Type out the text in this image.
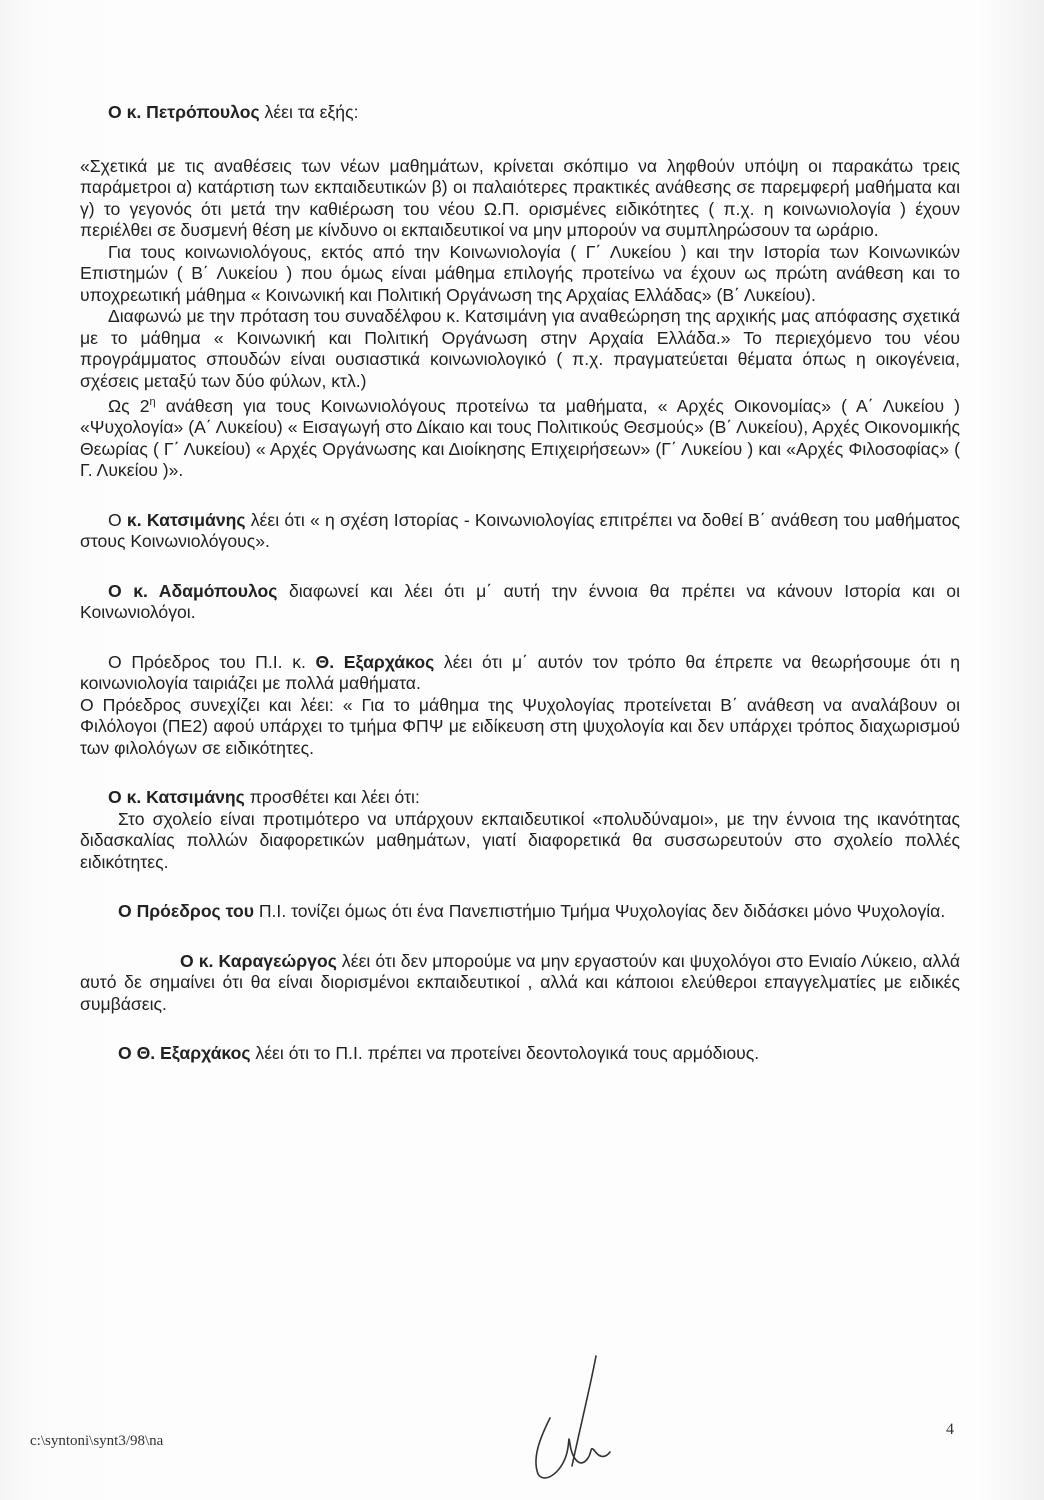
Ο κ. Πετρόπουλος λέει τα εξής:

«Σχετικά με τις αναθέσεις των νέων μαθημάτων, κρίνεται σκόπιμο να ληφθούν υπόψη οι παρακάτω τρεις παράμετροι α) κατάρτιση των εκπαιδευτικών β) οι παλαιότερες πρακτικές ανάθεσης σε παρεμφερή μαθήματα και γ) το γεγονός ότι μετά την καθιέρωση του νέου Ω.Π. ορισμένες ειδικότητες ( π.χ. η κοινωνιολογία ) έχουν περιέλθει σε δυσμενή θέση με κίνδυνο οι εκπαιδευτικοί να μην μπορούν να συμπληρώσουν τα ωράριο.

Για τους κοινωνιολόγους, εκτός από την Κοινωνιολογία ( Γ΄ Λυκείου ) και την Ιστορία των Κοινωνικών Επιστημών ( Β΄ Λυκείου ) που όμως είναι μάθημα επιλογής προτείνω να έχουν ως πρώτη ανάθεση και το υποχρεωτική μάθημα « Κοινωνική και Πολιτική Οργάνωση της Αρχαίας Ελλάδας» (Β΄ Λυκείου).

Διαφωνώ με την πρόταση του συναδέλφου κ. Κατσιμάνη για αναθεώρηση της αρχικής μας απόφασης σχετικά με το μάθημα « Κοινωνική και Πολιτική Οργάνωση στην Αρχαία Ελλάδα.» Το περιεχόμενο του νέου προγράμματος σπουδών είναι ουσιαστικά κοινωνιολογικό ( π.χ. πραγματεύεται θέματα όπως η οικογένεια, σχέσεις μεταξύ των δύο φύλων, κτλ.)

Ως $2^\eta$ ανάθεση για τους Κοινωνιολόγους προτείνω τα μαθήματα, « Αρχές Οικονομίας» ( Α΄ Λυκείου ) «Ψυχολογία» (Α΄ Λυκείου) « Εισαγωγή στο Δίκαιο και τους Πολιτικούς Θεσμούς» (Β΄ Λυκείου), Αρχές Οικονομικής Θεωρίας ( Γ΄ Λυκείου) « Αρχές Οργάνωσης και Διοίκησης Επιχειρήσεων» (Γ΄ Λυκείου ) και «Αρχές Φιλοσοφίας» ( Γ. Λυκείου )».

Ο κ. Κατσιμάνης λέει ότι « η σχέση Ιστορίας - Κοινωνιολογίας επιτρέπει να δοθεί Β΄ ανάθεση του μαθήματος στους Κοινωνιολόγους».

Ο κ. Αδαμόπουλος διαφωνεί και λέει ότι μ΄ αυτή την έννοια θα πρέπει να κάνουν Ιστορία και οι Κοινωνιολόγοι.

Ο Πρόεδρος του Π.Ι. κ. Θ. Εξαρχάκος λέει ότι μ΄ αυτόν τον τρόπο θα έπρεπε να θεωρήσουμε ότι η κοινωνιολογία ταιριάζει με πολλά μαθήματα.

Ο Πρόεδρος συνεχίζει και λέει: « Για το μάθημα της Ψυχολογίας προτείνεται Β΄ ανάθεση να αναλάβουν οι Φιλόλογοι (ΠΕ2) αφού υπάρχει το τμήμα ΦΠΨ με ειδίκευση στη ψυχολογία και δεν υπάρχει τρόπος διαχωρισμού των φιλολόγων σε ειδικότητες.

Ο κ. Κατσιμάνης προσθέτει και λέει ότι:

Στο σχολείο είναι προτιμότερο να υπάρχουν εκπαιδευτικοί «πολυδύναμοι», με την έννοια της ικανότητας διδασκαλίας πολλών διαφορετικών μαθημάτων, γιατί διαφορετικά θα συσσωρευτούν στο σχολείο πολλές ειδικότητες.

Ο Πρόεδρος του Π.Ι. τονίζει όμως ότι ένα Πανεπιστήμιο Τμήμα Ψυχολογίας δεν διδάσκει μόνο Ψυχολογία.

Ο κ. Καραγεώργος λέει ότι δεν μπορούμε να μην εργαστούν και ψυχολόγοι στο Ενιαίο Λύκειο, αλλά αυτό δε σημαίνει ότι θα είναι διορισμένοι εκπαιδευτικοί , αλλά και κάποιοι ελεύθεροι επαγγελματίες με ειδικές συμβάσεις.

Ο Θ. Εξαρχάκος λέει ότι το Π.Ι. πρέπει να προτείνει δεοντολογικά τους αρμόδιους.

c:\syntoni\synt3/98\na
4
